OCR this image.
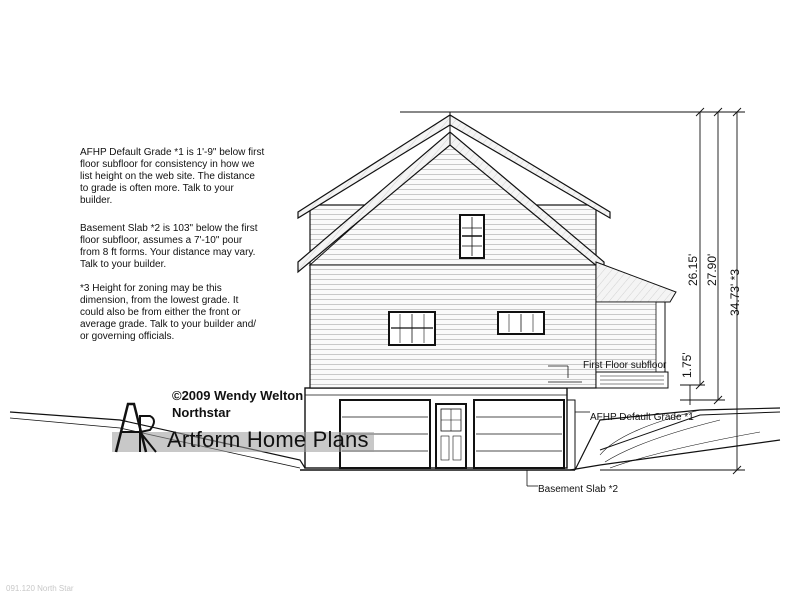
AFHP Default Grade *1 is 1'-9" below first
floor subfloor for consistency in how we
list height on the web site. The distance
to grade is often more. Talk to your
builder.
Basement Slab *2 is 103" below the first
floor subfloor, assumes a 7'-10" pour
from 8 ft forms. Your distance may vary.
Talk to your builder.
*3 Height for zoning may be this
dimension, from the lowest grade. It
could also be from either the front or
average grade. Talk to your builder and/
or governing officials.
©2009 Wendy Welton
Northstar
Artform Home Plans
1.75'
26.15' 27.90' 34.73' *3
First Floor subfloor
AFHP Default Grade *1
Basement Slab *2
091.120 North Star
